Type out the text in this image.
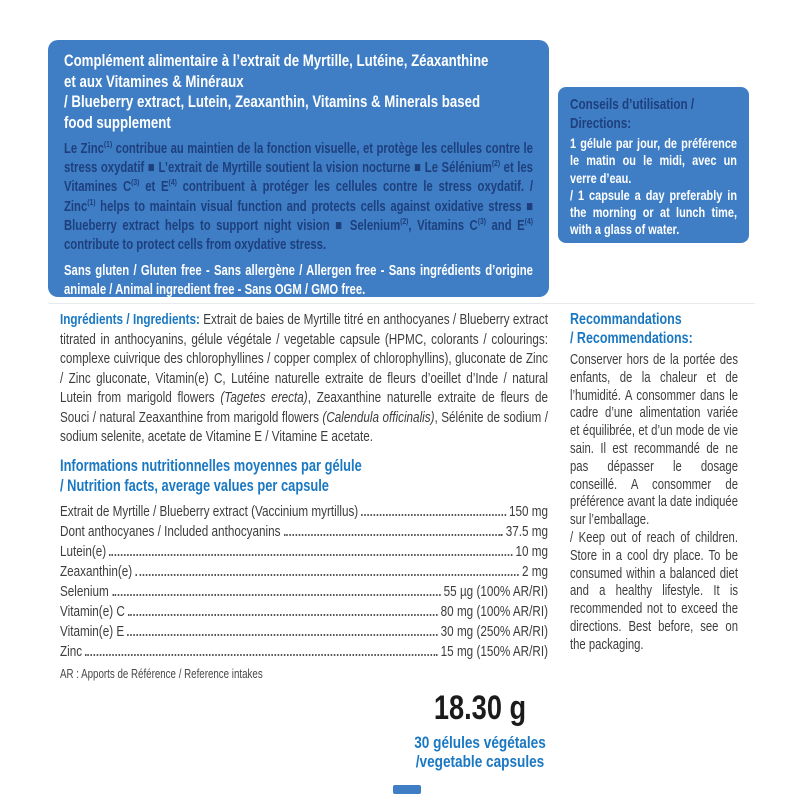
Complément alimentaire à l’extrait de Myrtille, Lutéine, Zéaxanthine
et aux Vitamines & Minéraux
/ Blueberry extract, Lutein, Zeaxanthin, Vitamins & Minerals based
food supplement
Le Zinc$^{(1)}$ contribue au maintien de la fonction visuelle, et protège les cellules contre le stress oxydatif ■ L’extrait de Myrtille soutient la vision nocturne ■ Le Sélénium$^{(2)}$ et les Vitamines $C^{(3)}$ et $E^{(4)}$ contribuent à protéger les cellules contre le stress oxydatif. / Zinc$^{(1)}$ helps to maintain visual function and protects cells against oxidative stress ■ Blueberry extract helps to support night vision ■ Selenium$^{(2)}$, Vitamins $C^{(3)}$ and $E^{(4)}$ contribute to protect cells from oxydative stress.
Sans gluten / Gluten free - Sans allergène / Allergen free - Sans ingrédients d’origine animale / Animal ingredient free - Sans OGM / GMO free.
Conseils d’utilisation /
Directions:
1 gélule par jour, de préférence le matin ou le midi, avec un verre d’eau.
/ 1 capsule a day preferably in the morning or at lunch time, with a glass of water.
Ingrédients / Ingredients: Extrait de baies de Myrtille titré en anthocyanes / Blueberry extract titrated in anthocyanins, gélule végétale / vegetable capsule (HPMC, colorants / colourings: complexe cuivrique des chlorophyllines / copper complex of chlorophyllins), gluconate de Zinc / Zinc gluconate, Vitamin(e) C, Lutéine naturelle extraite de fleurs d’oeillet d’Inde / natural Lutein from marigold flowers (Tagetes erecta), Zeaxanthine naturelle extraite de fleurs de Souci / natural Zeaxanthine from marigold flowers (Calendula officinalis), Sélénite de sodium / sodium selenite, acetate de Vitamine E / Vitamine E acetate.
Informations nutritionnelles moyennes par gélule
/ Nutrition facts, average values per capsule
Extrait de Myrtille / Blueberry extract (Vaccinium myrtillus)	150 mg
Dont anthocyanes / Included anthocyanins	37.5 mg
Lutein(e)	10 mg
Zeaxanthin(e)	2 mg
Selenium	55 µg (100% AR/RI)
Vitamin(e) C	80 mg (100% AR/RI)
Vitamin(e) E	30 mg (250% AR/RI)
Zinc	15 mg (150% AR/RI)
AR : Apports de Référence / Reference intakes
Recommandations
/ Recommendations:
Conserver hors de la portée des enfants, de la chaleur et de l’humidité. A consommer dans le cadre d’une alimentation variée et équilibrée, et d’un mode de vie sain. Il est recommandé de ne pas dépasser le dosage conseillé. A consommer de préférence avant la date indiquée sur l’emballage.
/ Keep out of reach of children. Store in a cool dry place. To be consumed within a balanced diet and a healthy lifestyle. It is recommended not to exceed the directions. Best before, see on the packaging.
18.30 g
30 gélules végétales
/vegetable capsules
